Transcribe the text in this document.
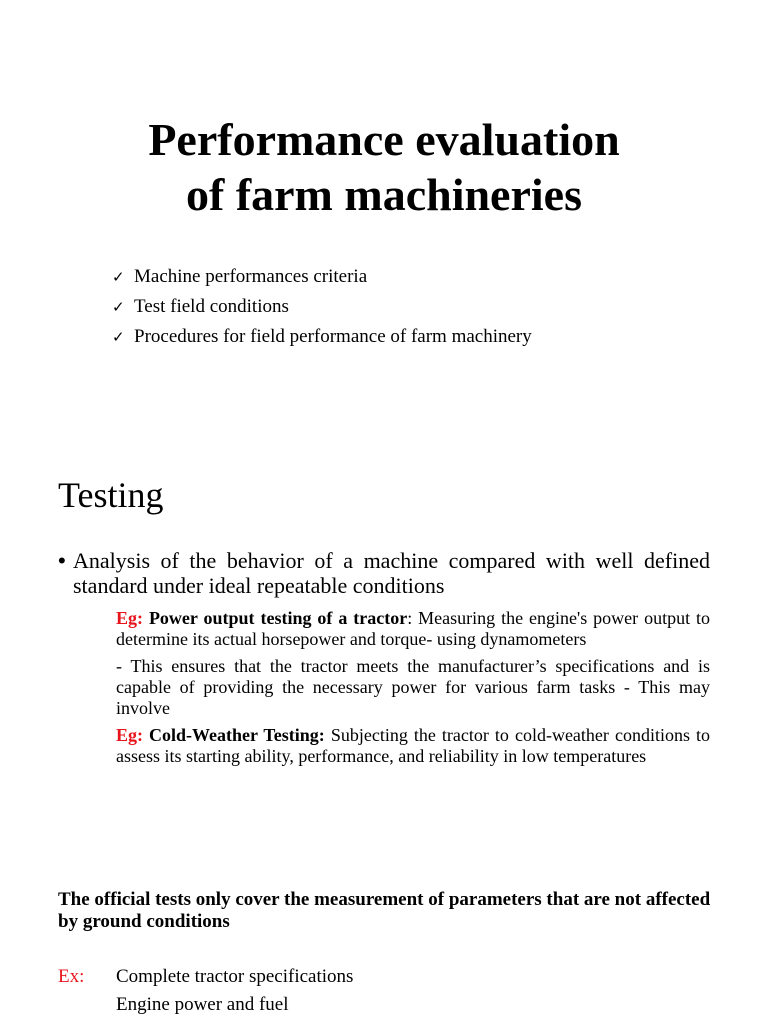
Performance evaluation
of farm machineries
✓ Machine performances criteria
✓ Test field conditions
✓ Procedures for field performance of farm machinery
Testing
• Analysis of the behavior of a machine compared with well defined standard under ideal repeatable conditions

Eg: Power output testing of a tractor: Measuring the engine's power output to determine its actual horsepower and torque- using dynamometers

- This ensures that the tractor meets the manufacturer’s specifications and is capable of providing the necessary power for various farm tasks - This may involve

Eg: Cold-Weather Testing: Subjecting the tractor to cold-weather conditions to assess its starting ability, performance, and reliability in low temperatures

The official tests only cover the measurement of parameters that are not affected by ground conditions
Ex: Complete tractor specifications
Engine power and fuel
